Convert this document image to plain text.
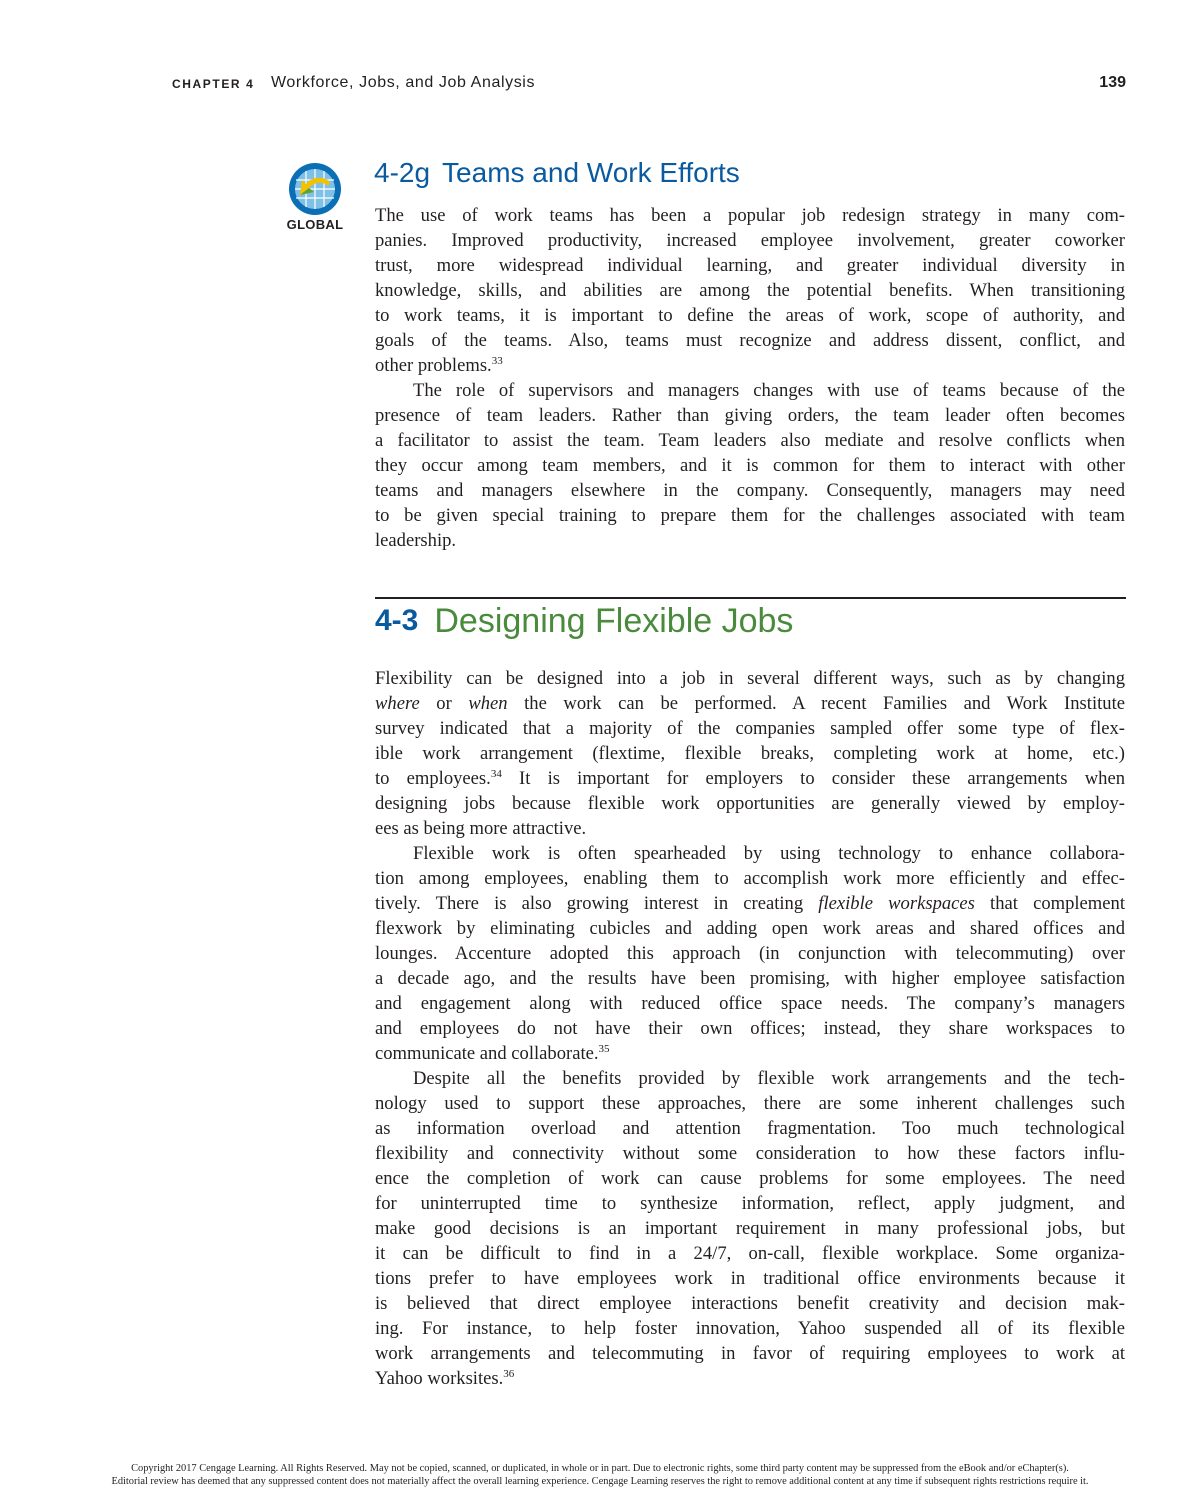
CHAPTER 4 Workforce, Jobs, and Job Analysis	139
GLOBAL
4-2g Teams and Work Efforts
The use of work teams has been a popular job redesign strategy in many com-
panies. Improved productivity, increased employee involvement, greater coworker
trust, more widespread individual learning, and greater individual diversity in
knowledge, skills, and abilities are among the potential benefits. When transitioning
to work teams, it is important to define the areas of work, scope of authority, and
goals of the teams. Also, teams must recognize and address dissent, conflict, and
other problems.$^{33}$
The role of supervisors and managers changes with use of teams because of the
presence of team leaders. Rather than giving orders, the team leader often becomes
a facilitator to assist the team. Team leaders also mediate and resolve conflicts when
they occur among team members, and it is common for them to interact with other
teams and managers elsewhere in the company. Consequently, managers may need
to be given special training to prepare them for the challenges associated with team
leadership.
4-3 Designing Flexible Jobs
Flexibility can be designed into a job in several different ways, such as by changing
where or when the work can be performed. A recent Families and Work Institute
survey indicated that a majority of the companies sampled offer some type of flex-
ible work arrangement (flextime, flexible breaks, completing work at home, etc.)
to employees.$^{34}$ It is important for employers to consider these arrangements when
designing jobs because flexible work opportunities are generally viewed by employ-
ees as being more attractive.
Flexible work is often spearheaded by using technology to enhance collabora-
tion among employees, enabling them to accomplish work more efficiently and effec-
tively. There is also growing interest in creating flexible workspaces that complement
flexwork by eliminating cubicles and adding open work areas and shared offices and
lounges. Accenture adopted this approach (in conjunction with telecommuting) over
a decade ago, and the results have been promising, with higher employee satisfaction
and engagement along with reduced office space needs. The company’s managers
and employees do not have their own offices; instead, they share workspaces to
communicate and collaborate.$^{35}$
Despite all the benefits provided by flexible work arrangements and the tech-
nology used to support these approaches, there are some inherent challenges such
as information overload and attention fragmentation. Too much technological
flexibility and connectivity without some consideration to how these factors influ-
ence the completion of work can cause problems for some employees. The need
for uninterrupted time to synthesize information, reflect, apply judgment, and
make good decisions is an important requirement in many professional jobs, but
it can be difficult to find in a 24/7, on-call, flexible workplace. Some organiza-
tions prefer to have employees work in traditional office environments because it
is believed that direct employee interactions benefit creativity and decision mak-
ing. For instance, to help foster innovation, Yahoo suspended all of its flexible
work arrangements and telecommuting in favor of requiring employees to work at
Yahoo worksites.$^{36}$
Copyright 2017 Cengage Learning. All Rights Reserved. May not be copied, scanned, or duplicated, in whole or in part. Due to electronic rights, some third party content may be suppressed from the eBook and/or eChapter(s).
Editorial review has deemed that any suppressed content does not materially affect the overall learning experience. Cengage Learning reserves the right to remove additional content at any time if subsequent rights restrictions require it.
